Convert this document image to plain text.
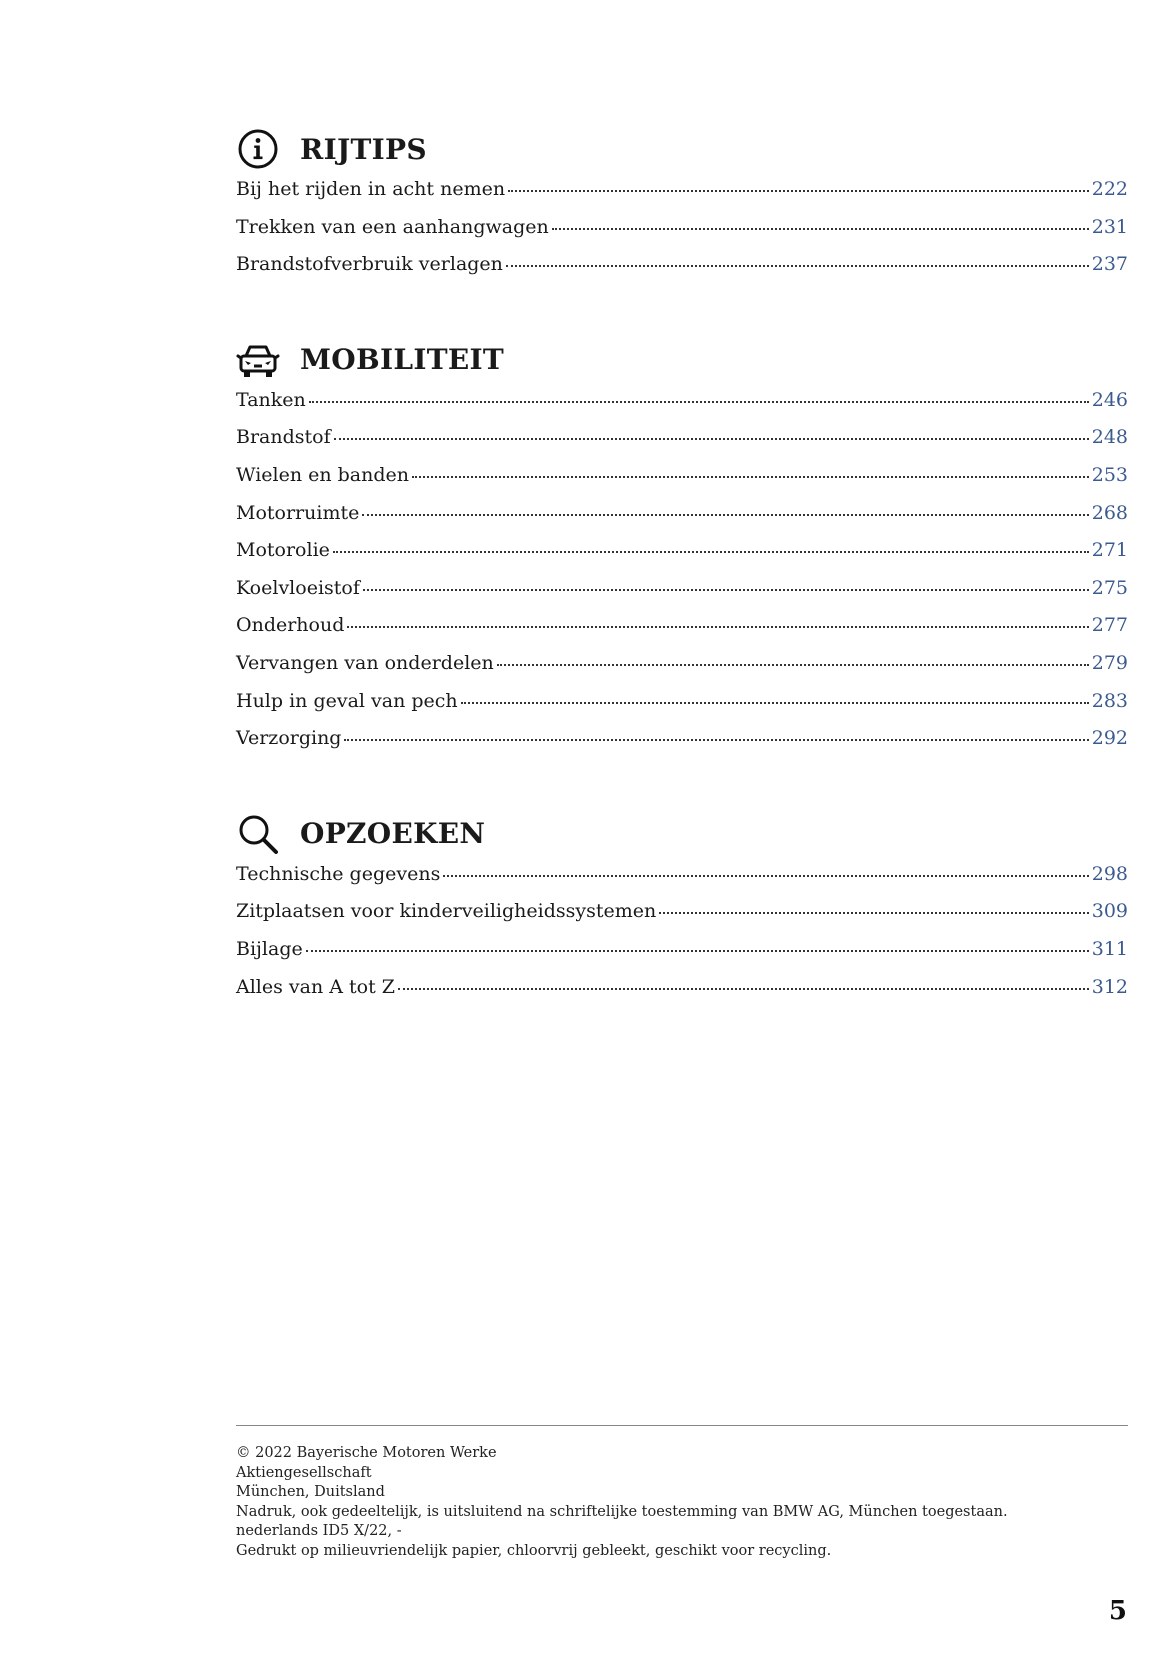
RIJTIPS
Bij het rijden in acht nemen	222
Trekken van een aanhangwagen	231
Brandstofverbruik verlagen	237
MOBILITEIT
Tanken	246
Brandstof	248
Wielen en banden	253
Motorruimte	268
Motorolie	271
Koelvloeistof	275
Onderhoud	277
Vervangen van onderdelen	279
Hulp in geval van pech	283
Verzorging	292
OPZOEKEN
Technische gegevens	298
Zitplaatsen voor kinderveiligheidssystemen	309
Bijlage	311
Alles van A tot Z	312
© 2022 Bayerische Motoren Werke
Aktiengesellschaft
München, Duitsland
Nadruk, ook gedeeltelijk, is uitsluitend na schriftelijke toestemming van BMW AG, München toegestaan.
nederlands ID5 X/22, -
Gedrukt op milieuvriendelijk papier, chloorvrij gebleekt, geschikt voor recycling.
5
